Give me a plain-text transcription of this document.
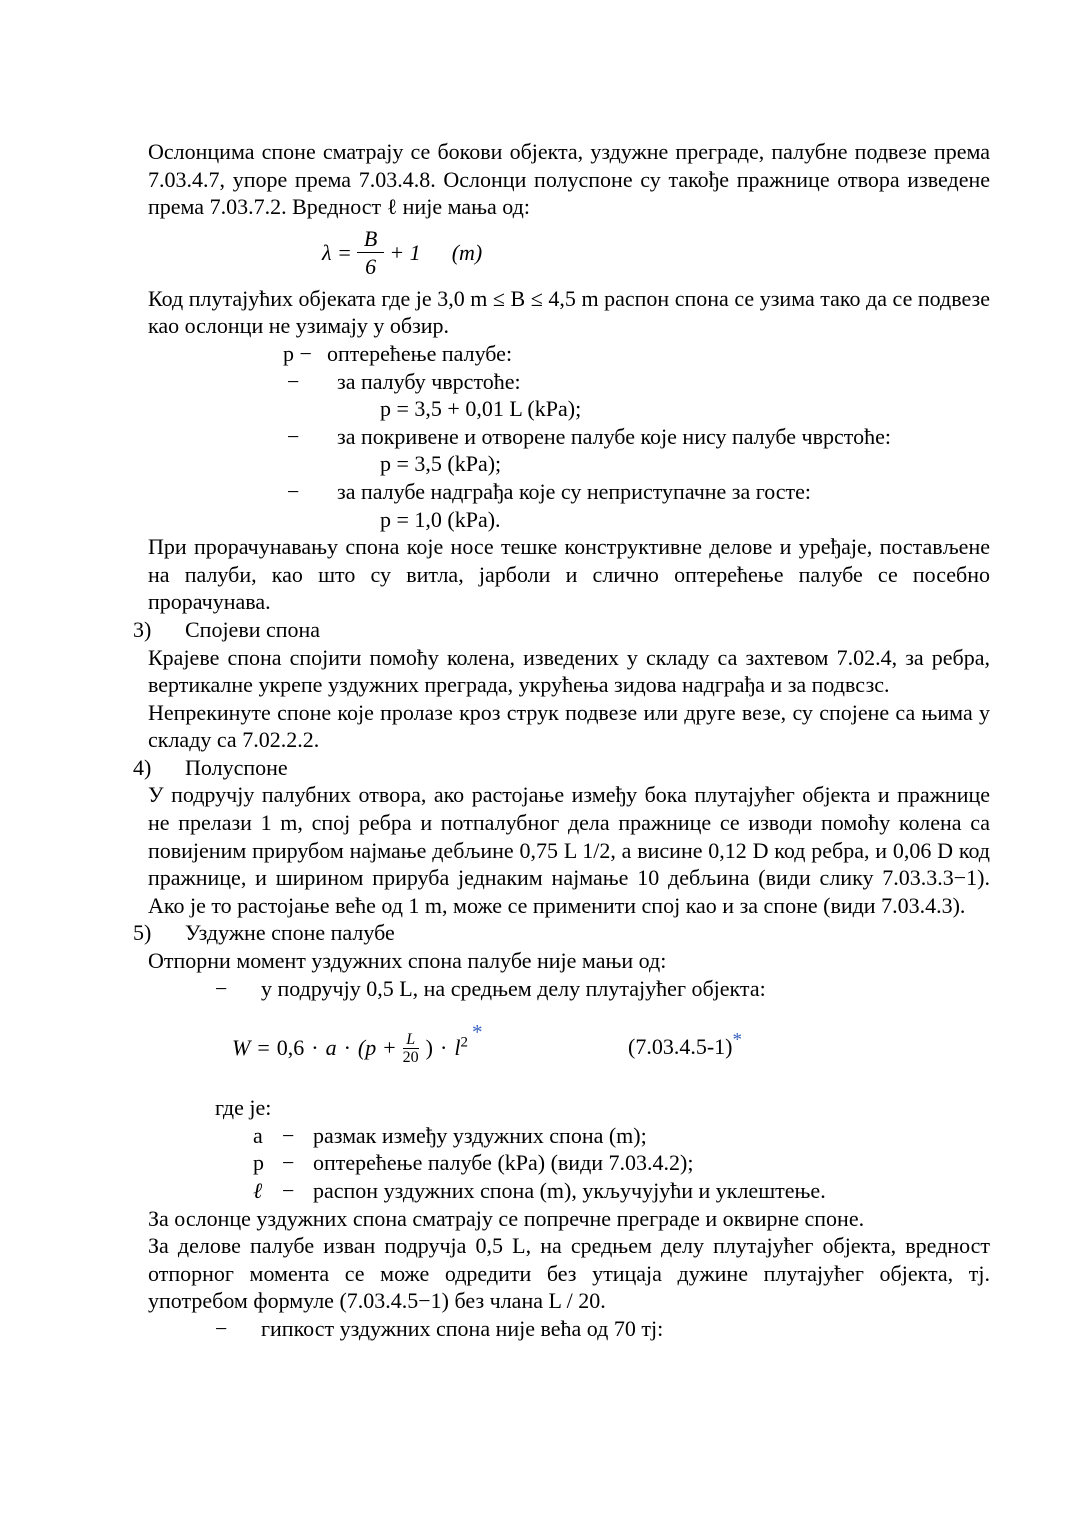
Ослонцима споне сматрају се бокови објекта, уздужне преграде, палубне подвезе према 7.03.4.7, упоре према 7.03.4.8. Ослонци полуспоне су такође пражнице отвора изведене према 7.03.7.2. Вредност ℓ није мања од:

$\lambda = \frac{B}{6} + 1$ (m)

Код плутајућих објеката где је 3,0 m ≤ B ≤ 4,5 m распон спона се узима тако да се подвезе као ослонци не узимају у обзир.

p − оптерећење палубе:
− за палубу чврстоће:
p = 3,5 + 0,01 L (kPa);
− за покривене и отворене палубе које нису палубе чврстоће:
p = 3,5 (kPa);
− за палубе надграђа које су неприступачне за госте:
p = 1,0 (kPa).

При прорачунавању спона које носе тешке конструктивне делове и уређаје, постављене на палуби, као што су витла, јарболи и слично оптерећење палубе се посебно прорачунава.

3) Спојеви спона

Крајеве спона спојити помоћу колена, изведених у складу са захтевом 7.02.4, за ребра, вертикалне укрепе уздужних преграда, укрућења зидова надграђа и за подвсзс.

Непрекинуте споне које пролазе кроз струк подвезе или друге везе, су спојене са њима у складу са 7.02.2.2.

4) Полуспоне

У подручју палубних отвора, ако растојање између бока плутајућег објекта и пражнице не прелази 1 m, спој ребра и потпалубног дела пражнице се изводи помоћу колена са повијеним прирубом најмање дебљине 0,75 L 1/2, а висине 0,12 D код ребра, и 0,06 D код пражнице, и ширином прируба једнаким најмање 10 дебљина (види слику 7.03.3.3−1). Ако је то растојање веће од 1 m, може се применити спој као и за споне (види 7.03.4.3).

5) Уздужне споне палубе

Отпорни момент уздужних спона палубе није мањи од:

− у подручју 0,5 L, на средњем делу плутајућег објекта:
$W = 0,6 \cdot a \cdot (p + \frac{L}{20}$ ) · $l^2$ *
(7.03.4.5-1)*
где је:
a − размак између уздужних спона (m);
p − оптерећење палубе (kPa) (види 7.03.4.2);
ℓ − распон уздужних спона (m), укључујући и уклештење.

За ослонце уздужних спона сматрају се попречне преграде и оквирне споне.

За делове палубе изван подручја 0,5 L, на средњем делу плутајућег објекта, вредност отпорног момента се може одредити без утицаја дужине плутајућег објекта, тј. употребом формуле (7.03.4.5−1) без члана L / 20.

− гипкост уздужних спона није већа од 70 тј:
